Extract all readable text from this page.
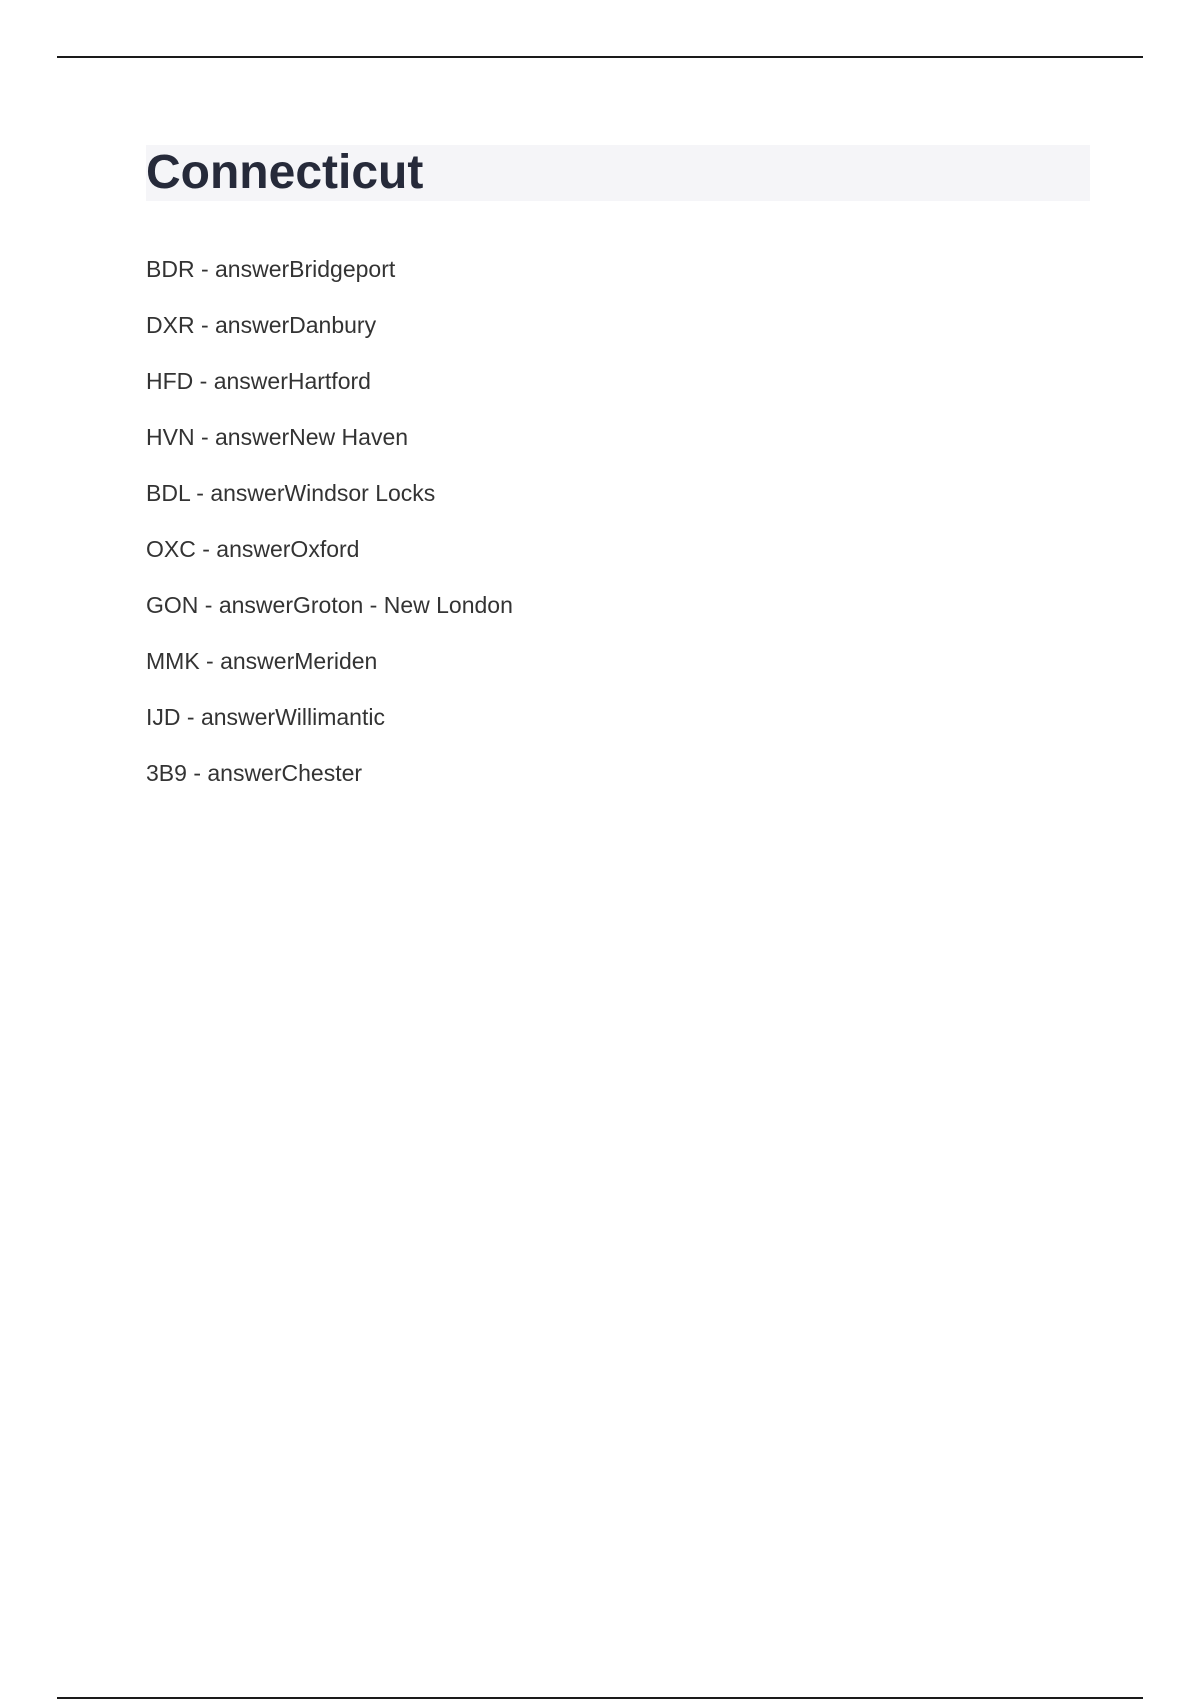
Connecticut
BDR - answerBridgeport
DXR - answerDanbury
HFD - answerHartford
HVN - answerNew Haven
BDL - answerWindsor Locks
OXC - answerOxford
GON - answerGroton - New London
MMK - answerMeriden
IJD - answerWillimantic
3B9 - answerChester
